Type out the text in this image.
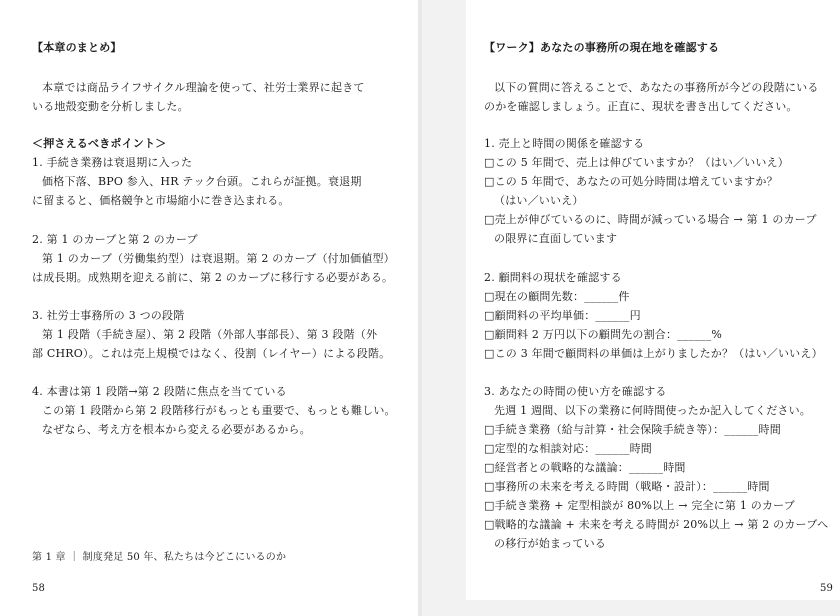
【本章のまとめ】
本章では商品ライフサイクル理論を使って、社労士業界に起きて
いる地殻変動を分析しました。
＜押さえるべきポイント＞
1. 手続き業務は衰退期に入った
価格下落、BPO 参入、HR テック台頭。これらが証拠。衰退期
に留まると、価格競争と市場縮小に巻き込まれる。
2. 第 1 のカーブと第 2 のカーブ
第 1 のカーブ（労働集約型）は衰退期。第 2 のカーブ（付加価値型）
は成長期。成熟期を迎える前に、第 2 のカーブに移行する必要がある。
3. 社労士事務所の 3 つの段階
第 1 段階（手続き屋）、第 2 段階（外部人事部長）、第 3 段階（外
部 CHRO）。これは売上規模ではなく、役割（レイヤー）による段階。
4. 本書は第 1 段階→第 2 段階に焦点を当てている
この第 1 段階から第 2 段階移行がもっとも重要で、もっとも難しい。
なぜなら、考え方を根本から変える必要があるから。
第 1 章 ｜ 制度発足 50 年、私たちは今どこにいるのか
58
【ワーク】あなたの事務所の現在地を確認する
以下の質問に答えることで、あなたの事務所が今どの段階にいる
のかを確認しましょう。正直に、現状を書き出してください。
1. 売上と時間の関係を確認する
□この 5 年間で、売上は伸びていますか？（はい／いいえ）
□この 5 年間で、あなたの可処分時間は増えていますか？
（はい／いいえ）
□売上が伸びているのに、時間が減っている場合 → 第 1 のカーブ
の限界に直面しています
2. 顧問料の現状を確認する
□現在の顧問先数：______件
□顧問料の平均単価：______円
□顧問料 2 万円以下の顧問先の割合：______%
□この 3 年間で顧問料の単価は上がりましたか？（はい／いいえ）
3. あなたの時間の使い方を確認する
先週 1 週間、以下の業務に何時間使ったか記入してください。
□手続き業務（給与計算・社会保険手続き等）：______時間
□定型的な相談対応：______時間
□経営者との戦略的な議論：______時間
□事務所の未来を考える時間（戦略・設計）：______時間
□手続き業務 + 定型相談が 80%以上 → 完全に第 1 のカーブ
□戦略的な議論 + 未来を考える時間が 20%以上 → 第 2 のカーブへ
の移行が始まっている
59
